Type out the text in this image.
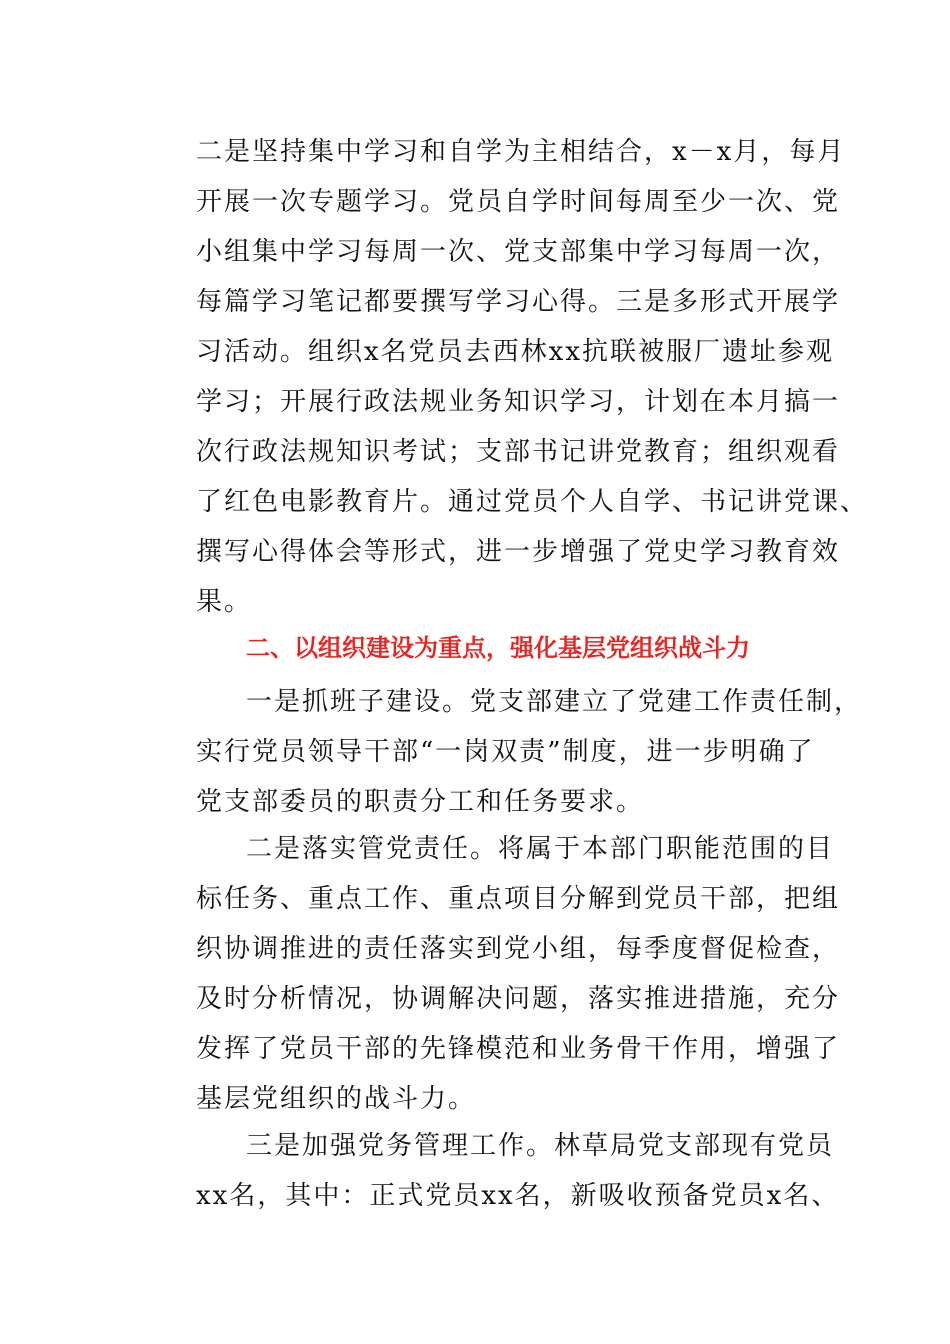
二是坚持集中学习和自学为主相结合，x－x月，每月
开展一次专题学习。党员自学时间每周至少一次、党
小组集中学习每周一次、党支部集中学习每周一次，
每篇学习笔记都要撰写学习心得。三是多形式开展学
习活动。组织x名党员去西林xx抗联被服厂遗址参观
学习；开展行政法规业务知识学习，计划在本月搞一
次行政法规知识考试；支部书记讲党教育；组织观看
了红色电影教育片。通过党员个人自学、书记讲党课、
撰写心得体会等形式，进一步增强了党史学习教育效
果。
二、以组织建设为重点，强化基层党组织战斗力
一是抓班子建设。党支部建立了党建工作责任制，
实行党员领导干部“一岗双责”制度，进一步明确了
党支部委员的职责分工和任务要求。
二是落实管党责任。将属于本部门职能范围的目
标任务、重点工作、重点项目分解到党员干部，把组
织协调推进的责任落实到党小组，每季度督促检查，
及时分析情况，协调解决问题，落实推进措施，充分
发挥了党员干部的先锋模范和业务骨干作用，增强了
基层党组织的战斗力。
三是加强党务管理工作。林草局党支部现有党员
xx名，其中：正式党员xx名，新吸收预备党员x名、
